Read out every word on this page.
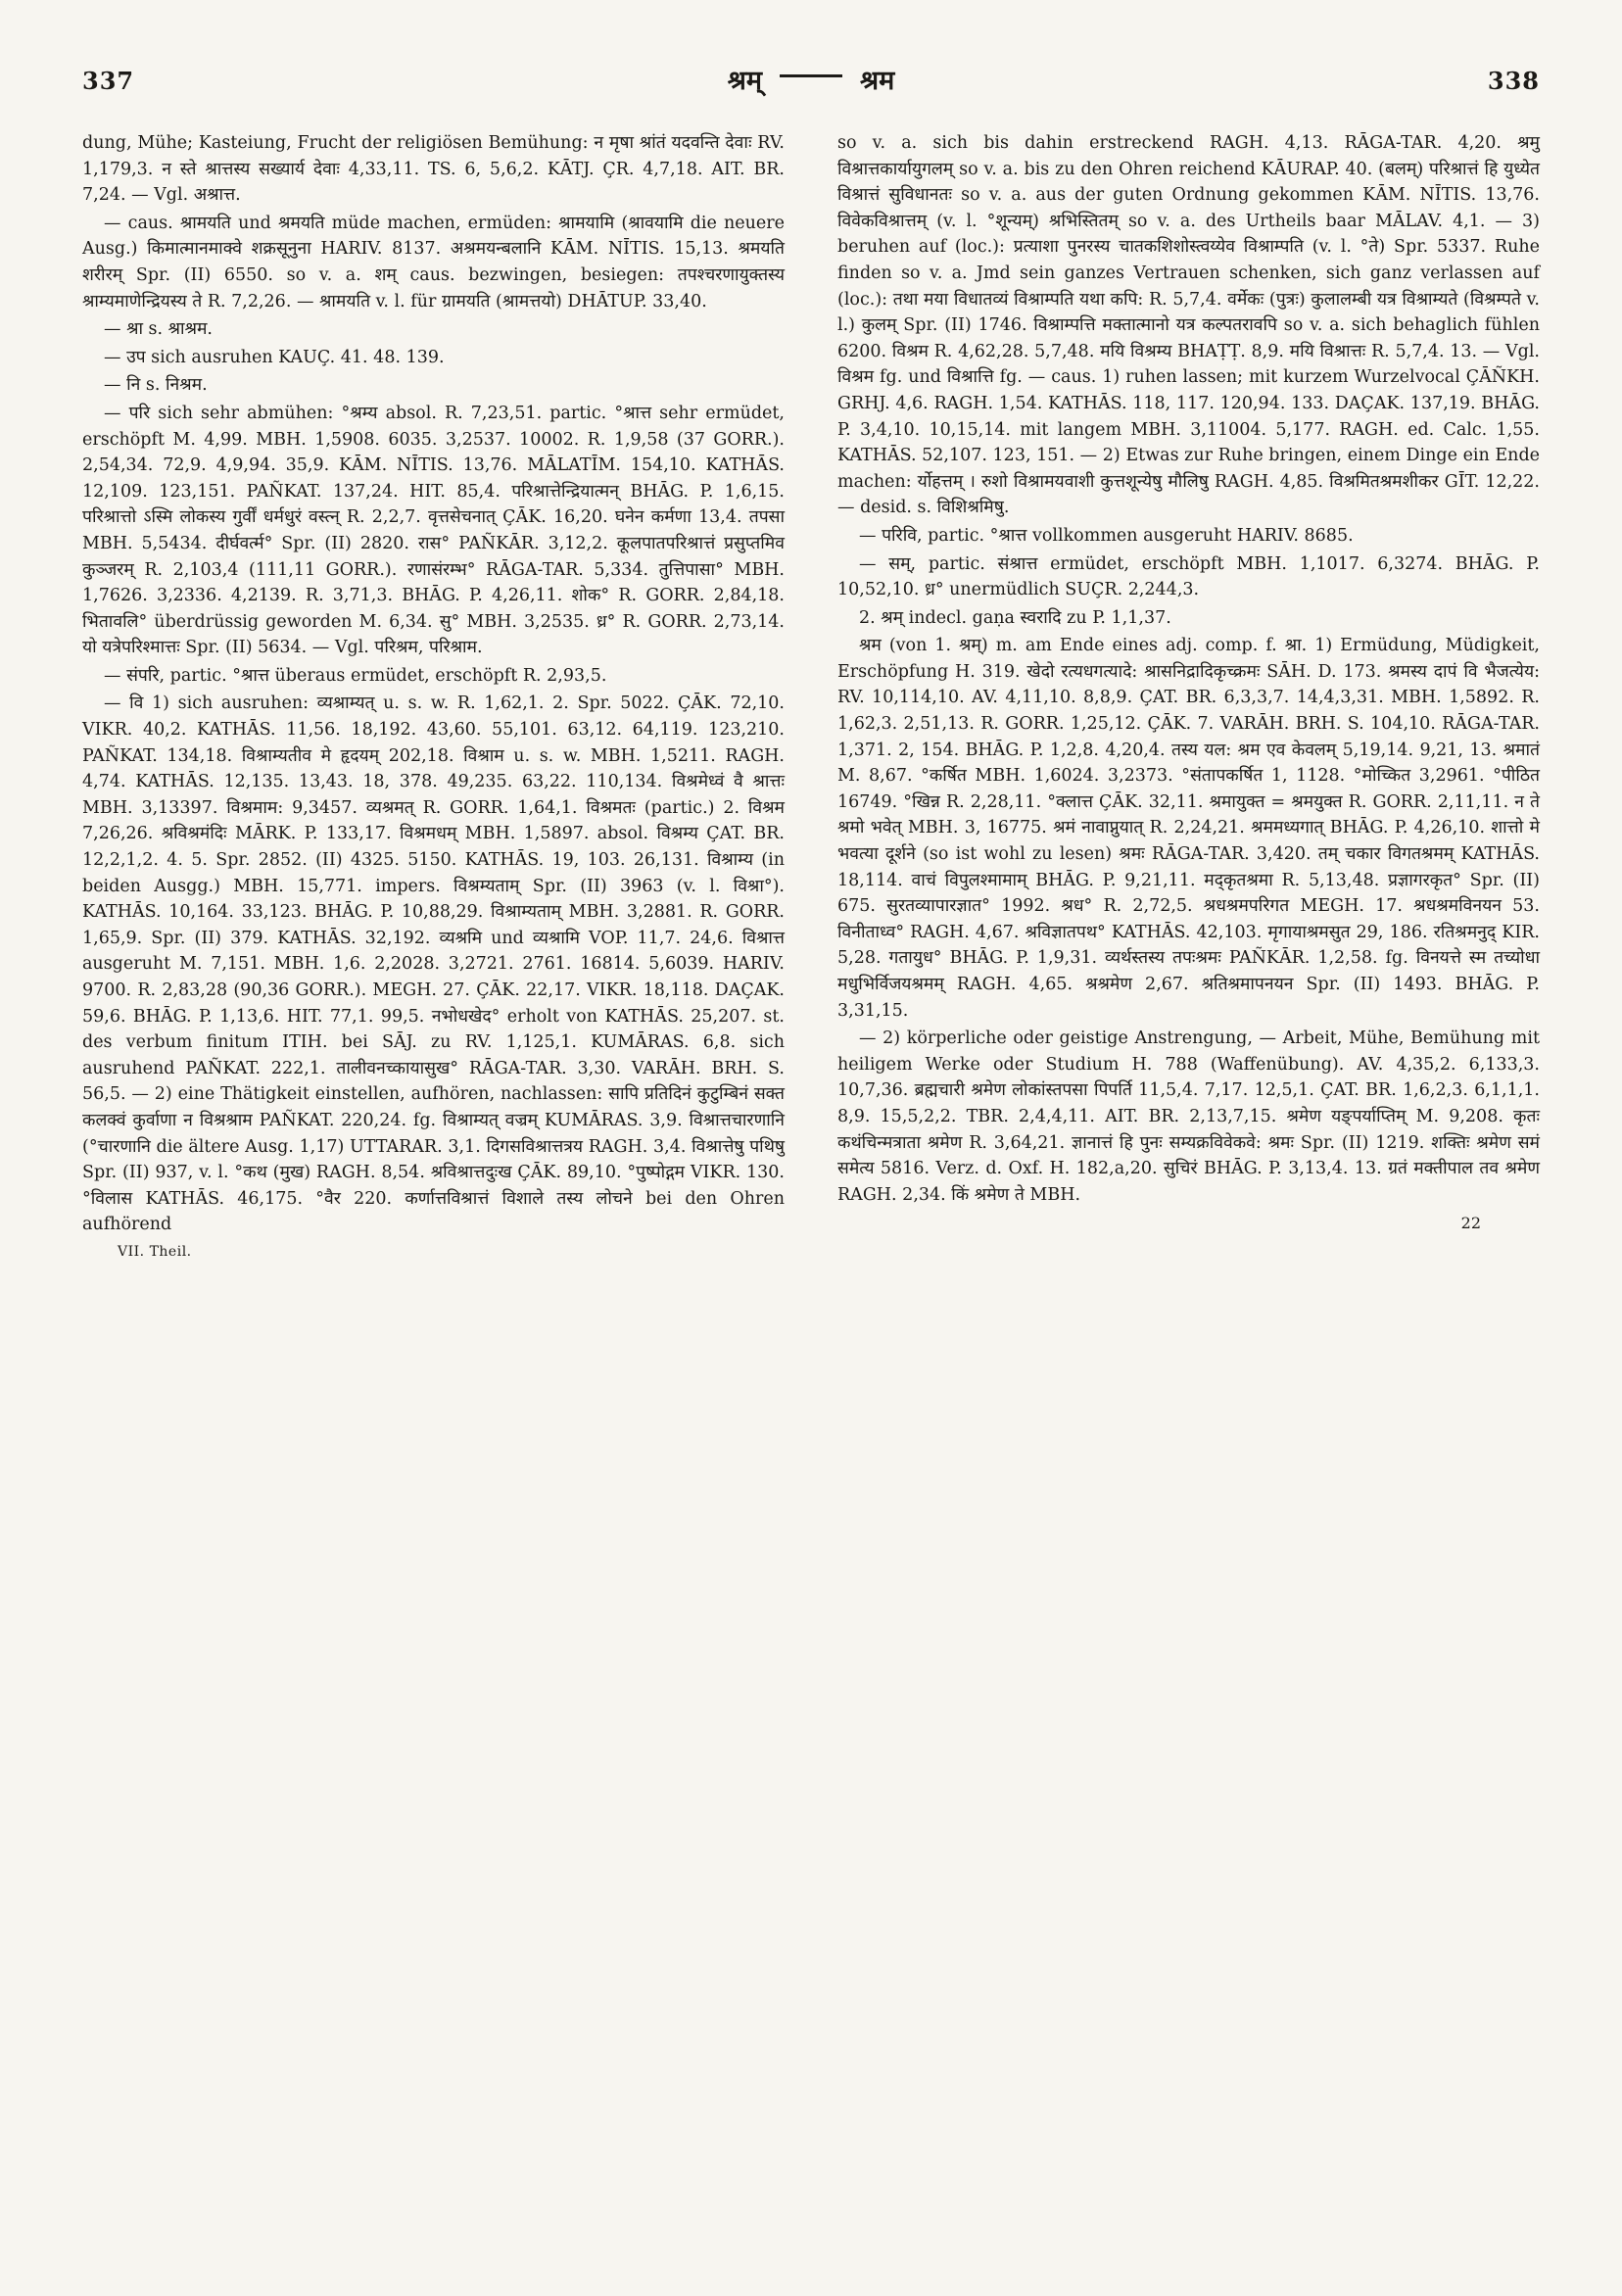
337	श्रम्	श्रम	338

dung, Mühe; Kasteiung, Frucht der religiösen Bemühung: न मृषा श्रांतं यदवन्ति देवाः RV. 1,179,3. न स्ते श्रात्तस्य सख्यार्य देवाः 4,33,11. TS. 6, 5,6,2. KĀTJ. ÇR. 4,7,18. AIT. BR. 7,24. — Vgl. अश्रात्त.

— caus. श्रामयति und श्रमयति müde machen, ermüden: श्रामयामि (श्रावयामि die neuere Ausg.) किमात्मानमाक्वे शक्रसूनुना HARIV. 8137. अश्रमयन्बलानि KĀM. NĪTIS. 15,13. श्रमयति शरीरम् Spr. (II) 6550. so v. a. शम् caus. bezwingen, besiegen: तपश्चरणायुक्तस्य श्राम्यमाणेन्द्रियस्य ते R. 7,2,26. — श्रामयति v. l. für ग्रामयति (श्रामत्तयो) DHĀTUP. 33,40.

— श्रा s. श्राश्रम.

— उप sich ausruhen KAUÇ. 41. 48. 139.

— नि s. निश्रम.

— परि sich sehr abmühen: °श्रम्य absol. R. 7,23,51. partic. °श्रात्त sehr ermüdet, erschöpft M. 4,99. MBH. 1,5908. 6035. 3,2537. 10002. R. 1,9,58 (37 GORR.). 2,54,34. 72,9. 4,9,94. 35,9. KĀM. NĪTIS. 13,76. MĀLATĪM. 154,10. KATHĀS. 12,109. 123,151. PAÑKAT. 137,24. HIT. 85,4. परिश्रात्तेन्द्रियात्मन् BHĀG. P. 1,6,15. परिश्रात्तो ऽस्मि लोकस्य गुर्वीं धर्मधुरं वस्त्न् R. 2,2,7. वृत्तसेचनात् ÇĀK. 16,20. घनेन कर्मणा 13,4. तपसा MBH. 5,5434. दीर्घवर्त्म° Spr. (II) 2820. रास° PAÑKĀR. 3,12,2. कूलपातपरिश्रात्तं प्रसुप्तमिव कुञ्जरम् R. 2,103,4 (111,11 GORR.). रणासंरम्भ° RĀGA-TAR. 5,334. तुत्तिपासा° MBH. 1,7626. 3,2336. 4,2139. R. 3,71,3. BHĀG. P. 4,26,11. शोक° R. GORR. 2,84,18. भितावलि° überdrüssig geworden M. 6,34. सु° MBH. 3,2535. ध्र° R. GORR. 2,73,14. यो यत्रेपरिश्मात्तः Spr. (II) 5634. — Vgl. परिश्रम, परिश्राम.

— संपरि, partic. °श्रात्त überaus ermüdet, erschöpft R. 2,93,5.

— वि 1) sich ausruhen: व्यश्राम्यत् u. s. w. R. 1,62,1. 2. Spr. 5022. ÇĀK. 72,10. VIKR. 40,2. KATHĀS. 11,56. 18,192. 43,60. 55,101. 63,12. 64,119. 123,210. PAÑKAT. 134,18. विश्राम्यतीव मे हृदयम् 202,18. विश्राम u. s. w. MBH. 1,5211. RAGH. 4,74. KATHĀS. 12,135. 13,43. 18, 378. 49,235. 63,22. 110,134. विश्रमेध्वं वै श्रात्तः MBH. 3,13397. विश्रमाम: 9,3457. व्यश्रमत् R. GORR. 1,64,1. विश्रमतः (partic.) 2. विश्रम 7,26,26. श्रविश्रमंदिः MĀRK. P. 133,17. विश्रमधम् MBH. 1,5897. absol. विश्रम्य ÇAT. BR. 12,2,1,2. 4. 5. Spr. 2852. (II) 4325. 5150. KATHĀS. 19, 103. 26,131. विश्राम्य (in beiden Ausgg.) MBH. 15,771. impers. विश्रम्यताम् Spr. (II) 3963 (v. l. विश्रा°). KATHĀS. 10,164. 33,123. BHĀG. P. 10,88,29. विश्राम्यताम् MBH. 3,2881. R. GORR. 1,65,9. Spr. (II) 379. KATHĀS. 32,192. व्यश्रमि und व्यश्रामि VOP. 11,7. 24,6. विश्रात्त ausgeruht M. 7,151. MBH. 1,6. 2,2028. 3,2721. 2761. 16814. 5,6039. HARIV. 9700. R. 2,83,28 (90,36 GORR.). MEGH. 27. ÇĀK. 22,17. VIKR. 18,118. DAÇAK. 59,6. BHĀG. P. 1,13,6. HIT. 77,1. 99,5. नभोधखेद° erholt von KATHĀS. 25,207. st. des verbum finitum ITIH. bei SĀJ. zu RV. 1,125,1. KUMĀRAS. 6,8. sich ausruhend PAÑKAT. 222,1. तालीवनच्कायासुख° RĀGA-TAR. 3,30. VARĀH. BRH. S. 56,5. — 2) eine Thätigkeit einstellen, aufhören, nachlassen: सापि प्रतिदिनं कुटुम्बिनं सक्त कलक्वं कुर्वाणा न विश्रश्राम PAÑKAT. 220,24. fg. विश्राम्यत् वज्रम् KUMĀRAS. 3,9. विश्रात्तचारणानि (°चारणानि die ältere Ausg. 1,17) UTTARAR. 3,1. दिगसविश्रात्तत्रय RAGH. 3,4. विश्रात्तेषु पथिषु Spr. (II) 937, v. l. °कथ (मुख) RAGH. 8,54. श्रविश्रात्तदुःख ÇĀK. 89,10. °पुष्पोद्गम VIKR. 130. °विलास KATHĀS. 46,175. °वैर 220. कर्णात्तविश्रात्तं विशाले तस्य लोचने bei den Ohren aufhörend

VII. Theil.

so v. a. sich bis dahin erstreckend RAGH. 4,13. RĀGA-TAR. 4,20. श्रमु विश्रात्तकार्यायुगलम् so v. a. bis zu den Ohren reichend KĀURAP. 40. (बलम्) परिश्रात्तं हि युध्येत विश्रात्तं सुविधानतः so v. a. aus der guten Ordnung gekommen KĀM. NĪTIS. 13,76. विवेकविश्रात्तम् (v. l. °शून्यम्) श्रभिस्तितम् so v. a. des Urtheils baar MĀLAV. 4,1. — 3) beruhen auf (loc.): प्रत्याशा पुनरस्य चातकशिशोस्त्वय्येव विश्राम्पति (v. l. °ते) Spr. 5337. Ruhe finden so v. a. Jmd sein ganzes Vertrauen schenken, sich ganz verlassen auf (loc.): तथा मया विधातव्यं विश्राम्पति यथा कपि: R. 5,7,4. वर्मेकः (पुत्रः) कुलालम्बी यत्र विश्राम्यते (विश्रम्पते v. l.) कुलम् Spr. (II) 1746. विश्राम्पत्ति मक्तात्मानो यत्र कल्पतरावपि so v. a. sich behaglich fühlen 6200. विश्रम R. 4,62,28. 5,7,48. मयि विश्रम्य BHAṬṬ. 8,9. मयि विश्रात्तः R. 5,7,4. 13. — Vgl. विश्रम fg. und विश्रात्ति fg. — caus. 1) ruhen lassen; mit kurzem Wurzelvocal ÇĀÑKH. GRHJ. 4,6. RAGH. 1,54. KATHĀS. 118, 117. 120,94. 133. DAÇAK. 137,19. BHĀG. P. 3,4,10. 10,15,14. mit langem MBH. 3,11004. 5,177. RAGH. ed. Calc. 1,55. KATHĀS. 52,107. 123, 151. — 2) Etwas zur Ruhe bringen, einem Dinge ein Ende machen: र्योहत्तम् । रुशो विश्रामयवाशी कुत्तशून्येषु मौलिषु RAGH. 4,85. विश्रमितश्रमशीकर GĪT. 12,22. — desid. s. विशिश्रमिषु.

— परिवि, partic. °श्रात्त vollkommen ausgeruht HARIV. 8685.

— सम्, partic. संश्रात्त ermüdet, erschöpft MBH. 1,1017. 6,3274. BHĀG. P. 10,52,10. ध्र° unermüdlich SUÇR. 2,244,3.

2. श्रम् indecl. gaṇa स्वरादि zu P. 1,1,37.

श्रम (von 1. श्रम्) m. am Ende eines adj. comp. f. श्रा. 1) Ermüdung, Müdigkeit, Erschöpfung H. 319. खेदो रत्यधगत्यादे: श्रासनिद्रादिकृच्क्रमः SĀH. D. 173. श्रमस्य दापं वि भैजत्येय: RV. 10,114,10. AV. 4,11,10. 8,8,9. ÇAT. BR. 6,3,3,7. 14,4,3,31. MBH. 1,5892. R. 1,62,3. 2,51,13. R. GORR. 1,25,12. ÇĀK. 7. VARĀH. BRH. S. 104,10. RĀGA-TAR. 1,371. 2, 154. BHĀG. P. 1,2,8. 4,20,4. तस्य यल: श्रम एव केवलम् 5,19,14. 9,21, 13. श्रमातं M. 8,67. °कर्षित MBH. 1,6024. 3,2373. °संतापकर्षित 1, 1128. °मोच्कित 3,2961. °पीठित 16749. °खिन्न R. 2,28,11. °क्लात्त ÇĀK. 32,11. श्रमायुक्त = श्रमयुक्त R. GORR. 2,11,11. न ते श्रमो भवेत् MBH. 3, 16775. श्रमं नावाप्नुयात् R. 2,24,21. श्रममध्यगात् BHĀG. P. 4,26,10. शात्तो मे भवत्या दूर्शने (so ist wohl zu lesen) श्रमः RĀGA-TAR. 3,420. तम् चकार विगतश्रमम् KATHĀS. 18,114. वाचं विपुलश्मामाम् BHĀG. P. 9,21,11. मद्कृतश्रमा R. 5,13,48. प्रज्ञागरकृत° Spr. (II) 675. सुरतव्यापारज्ञात° 1992. श्रध° R. 2,72,5. श्रधश्रमपरिगत MEGH. 17. श्रधश्रमविनयन 53. विनीताध्व° RAGH. 4,67. श्रविज्ञातपथ° KATHĀS. 42,103. मृगायाश्रमसुत 29, 186. रतिश्रमनुद् KIR. 5,28. गतायुध° BHĀG. P. 1,9,31. व्यर्थस्तस्य तपःश्रमः PAÑKĀR. 1,2,58. fg. विनयत्ते स्म तच्योधा मधुभिर्विजयश्रमम् RAGH. 4,65. श्रश्रमेण 2,67. श्रतिश्रमापनयन Spr. (II) 1493. BHĀG. P. 3,31,15.

— 2) körperliche oder geistige Anstrengung, — Arbeit, Mühe, Bemühung mit heiligem Werke oder Studium H. 788 (Waffenübung). AV. 4,35,2. 6,133,3. 10,7,36. ब्रह्मचारी श्रमेण लोकांस्तपसा पिपर्ति 11,5,4. 7,17. 12,5,1. ÇAT. BR. 1,6,2,3. 6,1,1,1. 8,9. 15,5,2,2. TBR. 2,4,4,11. AIT. BR. 2,13,7,15. श्रमेण यङ्पर्याप्तिम् M. 9,208. कृतः कथंचिन्मत्राता श्रमेण R. 3,64,21. ज्ञानात्तं हि पुनः सम्यक्रविवेकवे: श्रमः Spr. (II) 1219. शक्तिः श्रमेण समं समेत्य 5816. Verz. d. Oxf. H. 182,a,20. सुचिरं BHĀG. P. 3,13,4. 13. ग्रतं मक्तीपाल तव श्रमेण RAGH. 2,34. किं श्रमेण ते MBH.

22
